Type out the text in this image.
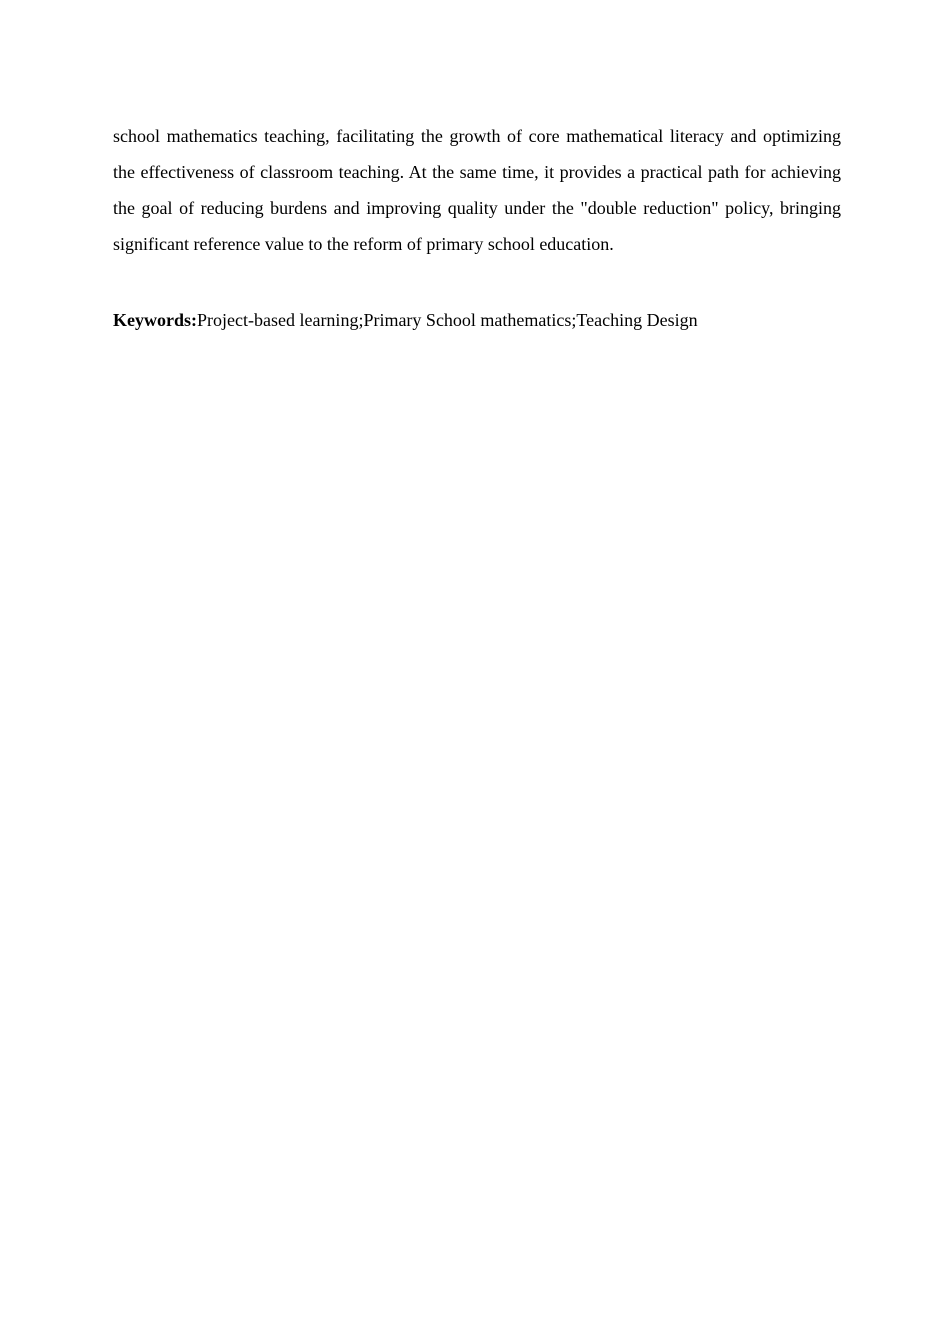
school mathematics teaching, facilitating the growth of core mathematical literacy and optimizing the effectiveness of classroom teaching. At the same time, it provides a practical path for achieving the goal of reducing burdens and improving quality under the "double reduction" policy, bringing significant reference value to the reform of primary school education.

Keywords:Project-based learning;Primary School mathematics;Teaching Design
